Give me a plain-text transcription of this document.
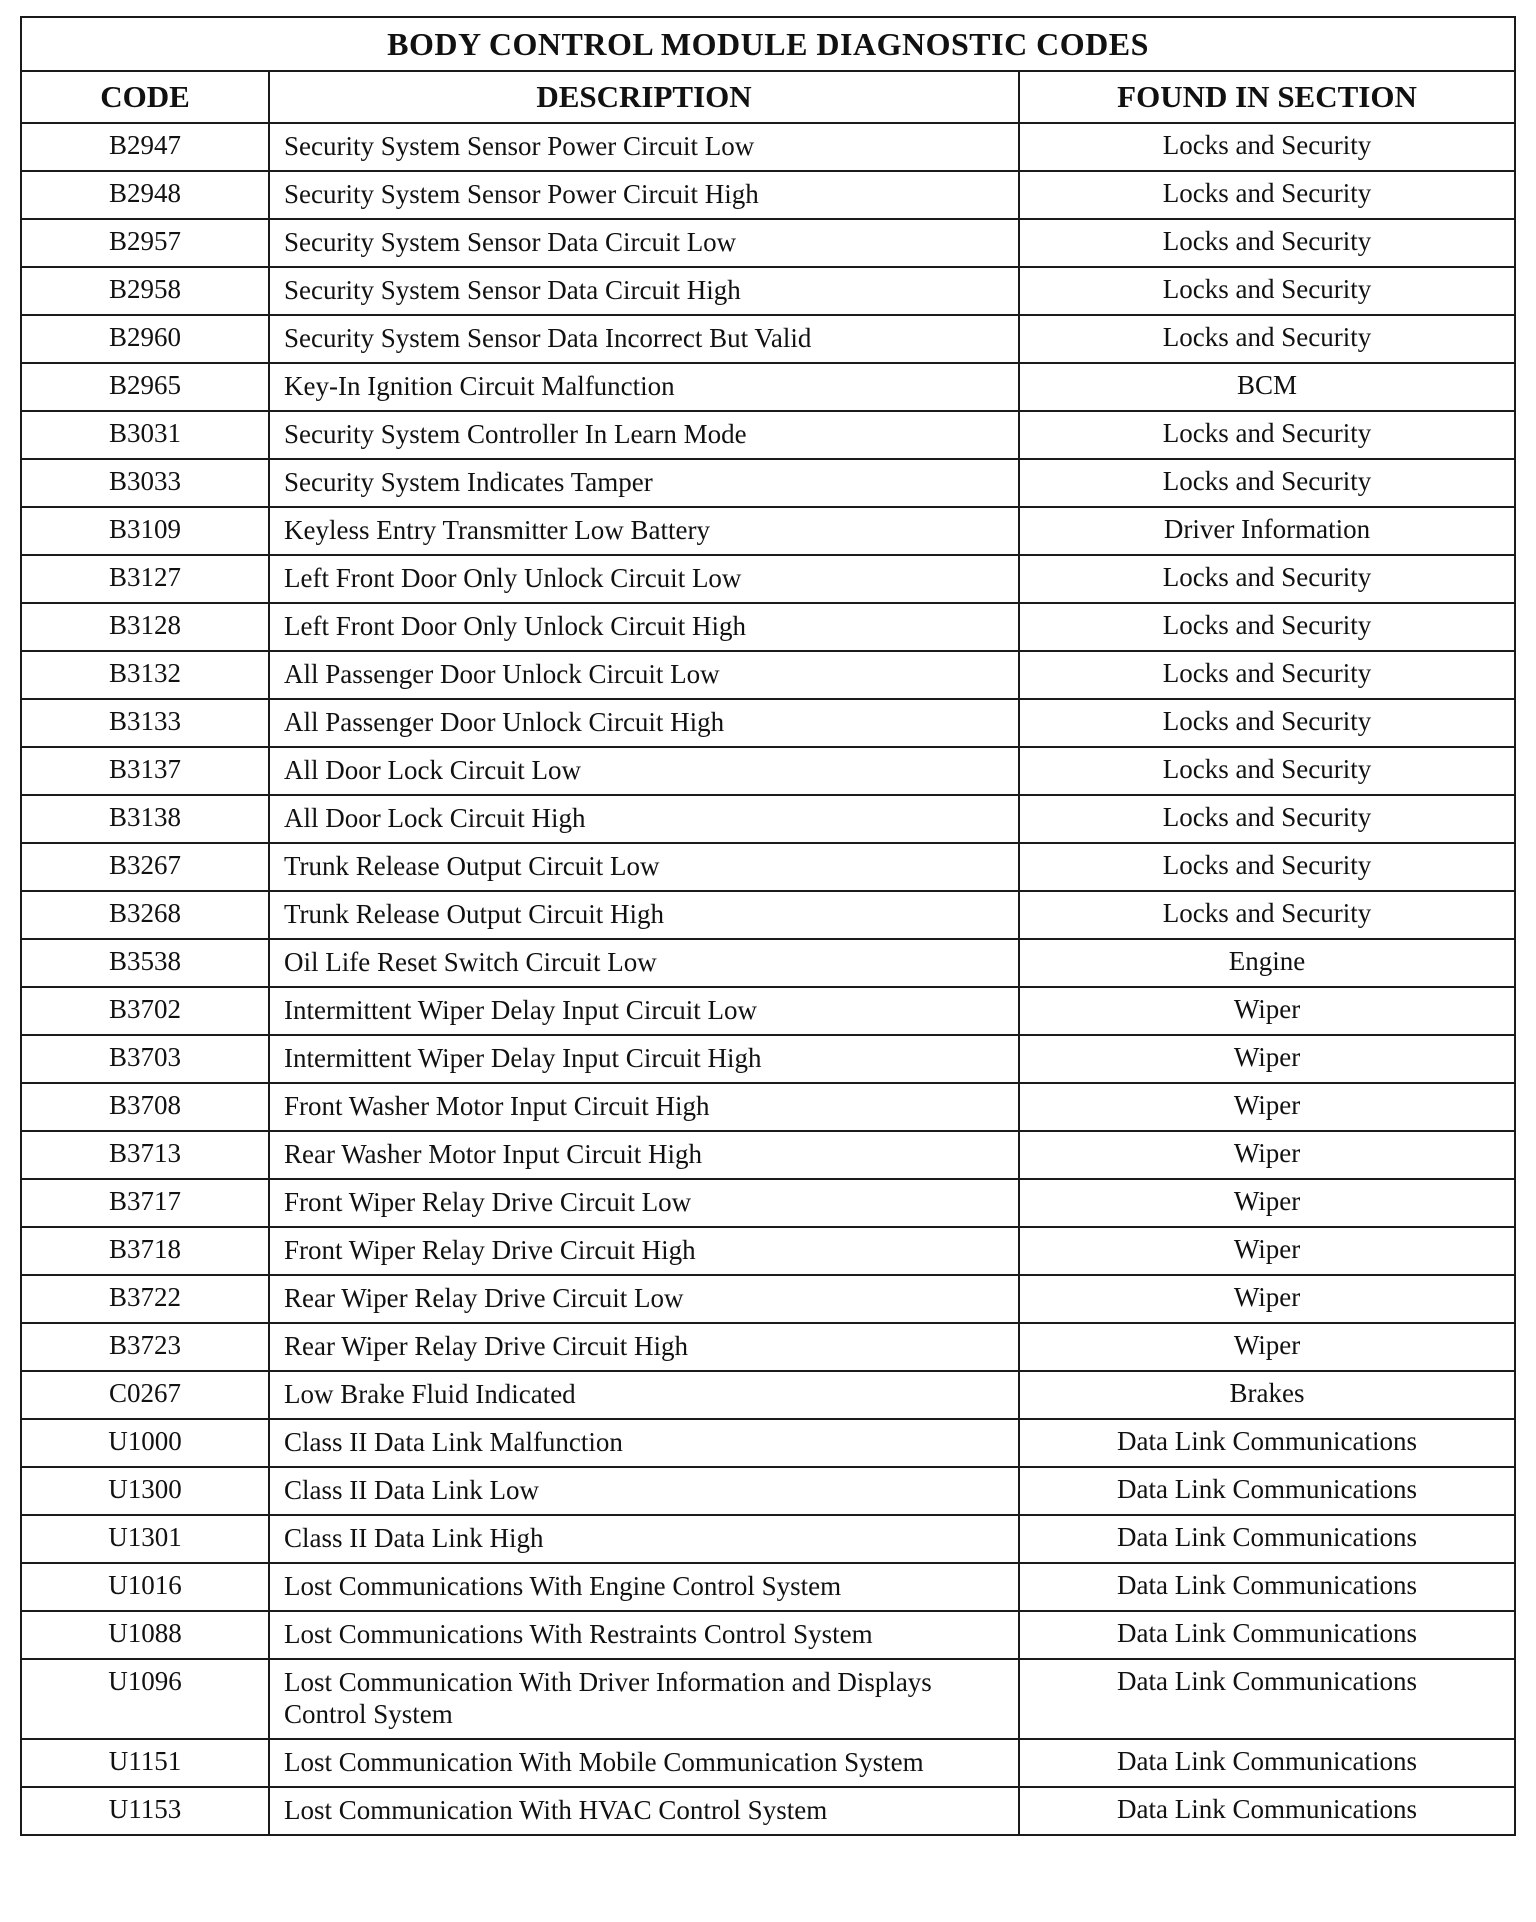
BODY CONTROL MODULE DIAGNOSTIC CODES		
CODE	DESCRIPTION	FOUND IN SECTION
B2947	Security System Sensor Power Circuit Low	Locks and Security
B2948	Security System Sensor Power Circuit High	Locks and Security
B2957	Security System Sensor Data Circuit Low	Locks and Security
B2958	Security System Sensor Data Circuit High	Locks and Security
B2960	Security System Sensor Data Incorrect But Valid	Locks and Security
B2965	Key-In Ignition Circuit Malfunction	BCM
B3031	Security System Controller In Learn Mode	Locks and Security
B3033	Security System Indicates Tamper	Locks and Security
B3109	Keyless Entry Transmitter Low Battery	Driver Information
B3127	Left Front Door Only Unlock Circuit Low	Locks and Security
B3128	Left Front Door Only Unlock Circuit High	Locks and Security
B3132	All Passenger Door Unlock Circuit Low	Locks and Security
B3133	All Passenger Door Unlock Circuit High	Locks and Security
B3137	All Door Lock Circuit Low	Locks and Security
B3138	All Door Lock Circuit High	Locks and Security
B3267	Trunk Release Output Circuit Low	Locks and Security
B3268	Trunk Release Output Circuit High	Locks and Security
B3538	Oil Life Reset Switch Circuit Low	Engine
B3702	Intermittent Wiper Delay Input Circuit Low	Wiper
B3703	Intermittent Wiper Delay Input Circuit High	Wiper
B3708	Front Washer Motor Input Circuit High	Wiper
B3713	Rear Washer Motor Input Circuit High	Wiper
B3717	Front Wiper Relay Drive Circuit Low	Wiper
B3718	Front Wiper Relay Drive Circuit High	Wiper
B3722	Rear Wiper Relay Drive Circuit Low	Wiper
B3723	Rear Wiper Relay Drive Circuit High	Wiper
C0267	Low Brake Fluid Indicated	Brakes
U1000	Class II Data Link Malfunction	Data Link Communications
U1300	Class II Data Link Low	Data Link Communications
U1301	Class II Data Link High	Data Link Communications
U1016	Lost Communications With Engine Control System	Data Link Communications
U1088	Lost Communications With Restraints Control System	Data Link Communications
U1096	Lost Communication With Driver Information and Displays Control System	Data Link Communications
U1151	Lost Communication With Mobile Communication System	Data Link Communications
U1153	Lost Communication With HVAC Control System	Data Link Communications
